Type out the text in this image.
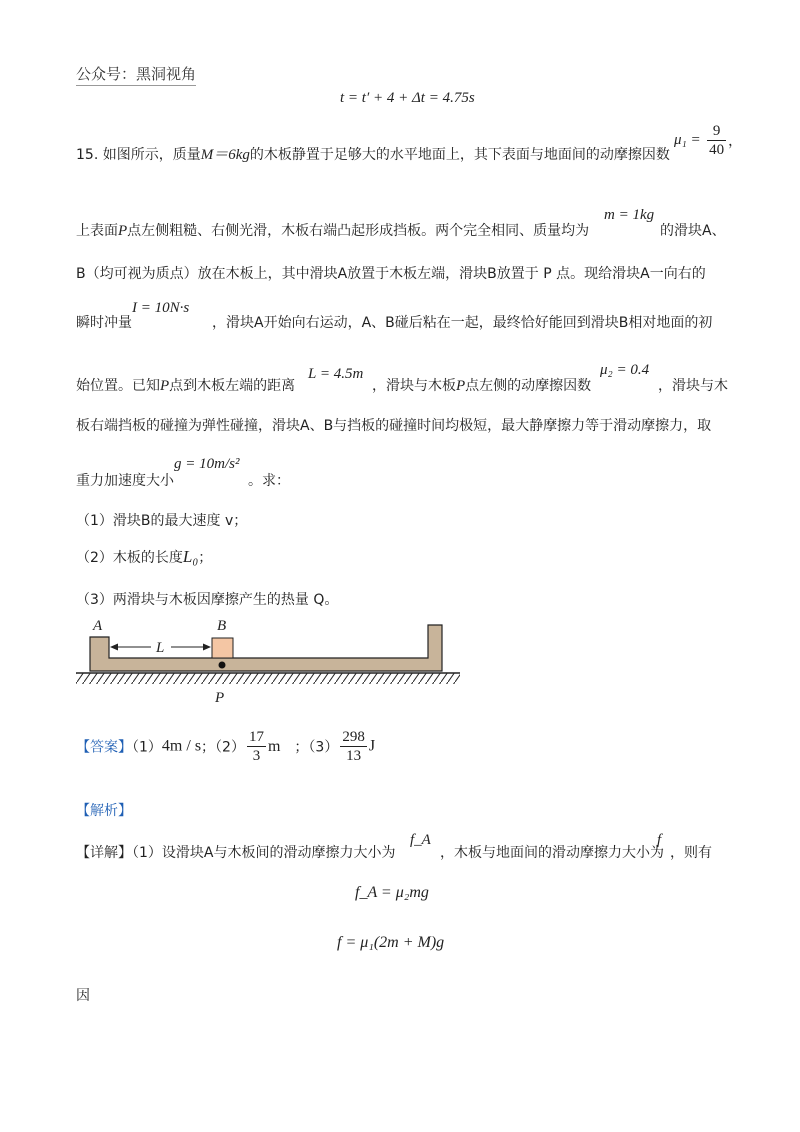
公众号：黑洞视角
t = t′ + 4 + Δt = 4.75s
15. 如图所示，质量M＝6kg的木板静置于足够大的水平地面上，其下表面与地面间的动摩擦因数
$\mu_1 = \frac{9}{40}$ ，
上表面P点左侧粗糙、右侧光滑，木板右端凸起形成挡板。两个完全相同、质量均为
m = 1kg
的滑块A、
B（均可视为质点）放在木板上，其中滑块A放置于木板左端，滑块B放置于 P 点。现给滑块A一向右的
瞬时冲量
I = 10N·s
，滑块A开始向右运动，A、B碰后粘在一起，最终恰好能回到滑块B相对地面的初
始位置。已知P点到木板左端的距离
L = 4.5m
，滑块与木板P点左侧的动摩擦因数
μ₂ = 0.4
，滑块与木
板右端挡板的碰撞为弹性碰撞，滑块A、B与挡板的碰撞时间均极短，最大静摩擦力等于滑动摩擦力，取
重力加速度大小
g = 10m/s²
。求：
（1）滑块B的最大速度 v；
（2）木板的长度L₀；
（3）两滑块与木板因摩擦产生的热量 Q。
L
A	B
P
【答案】（1）4m / s；$(2) \frac{17}{3}$ m ；$(3) \frac{298}{13}$ J
【解析】
【详解】（1）设滑块A与木板间的滑动摩擦力大小为
f_A
，木板与地面间的滑动摩擦力大小为
f
，则有
f_A = μ₂mg
f = μ₁(2m + M)g
因
